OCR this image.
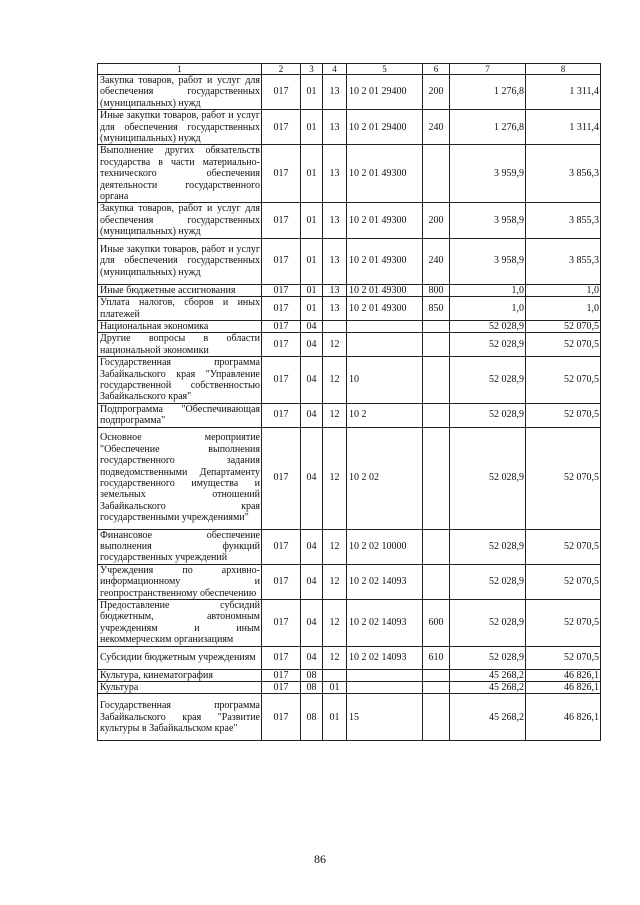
1	2	3	4	5	6	7	8
Закупка товаров, работ и услуг для обеспечения государственных (муниципальных) нужд	017	01	13	10 2 01 29400	200	1 276,8	1 311,4
Иные закупки товаров, работ и услуг для обеспечения государственных (муниципальных) нужд	017	01	13	10 2 01 29400	240	1 276,8	1 311,4
Выполнение других обязательств государства в части материально-технического обеспечения деятельности государственного органа	017	01	13	10 2 01 49300		3 959,9	3 856,3
Закупка товаров, работ и услуг для обеспечения государственных (муниципальных) нужд	017	01	13	10 2 01 49300	200	3 958,9	3 855,3
Иные закупки товаров, работ и услуг для обеспечения государственных (муниципальных) нужд	017	01	13	10 2 01 49300	240	3 958,9	3 855,3
Иные бюджетные ассигнования	017	01	13	10 2 01 49300	800	1,0	1,0
Уплата налогов, сборов и иных платежей	017	01	13	10 2 01 49300	850	1,0	1,0
Национальная экономика	017	04				52 028,9	52 070,5
Другие вопросы в области национальной экономики	017	04	12			52 028,9	52 070,5
Государственная программа Забайкальского края "Управление государственной собственностью Забайкальского края"	017	04	12	10		52 028,9	52 070,5
Подпрограмма "Обеспечивающая подпрограмма"	017	04	12	10 2		52 028,9	52 070,5
Основное мероприятие "Обеспечение выполнения государственного задания подведомственными Департаменту государственного имущества и земельных отношений Забайкальского края государственными учреждениями"	017	04	12	10 2 02		52 028,9	52 070,5
Финансовое обеспечение выполнения функций государственных учреждений	017	04	12	10 2 02 10000		52 028,9	52 070,5
Учреждения по архивно-информационному и геопространственному обеспечению	017	04	12	10 2 02 14093		52 028,9	52 070,5
Предоставление субсидий бюджетным, автономным учреждениям и иным некоммерческим организациям	017	04	12	10 2 02 14093	600	52 028,9	52 070,5
Субсидии бюджетным учреждениям	017	04	12	10 2 02 14093	610	52 028,9	52 070,5
Культура, кинематография	017	08				45 268,2	46 826,1
Культура	017	08	01			45 268,2	46 826,1
Государственная программа Забайкальского края "Развитие культуры в Забайкальском крае"	017	08	01	15		45 268,2	46 826,1
86
